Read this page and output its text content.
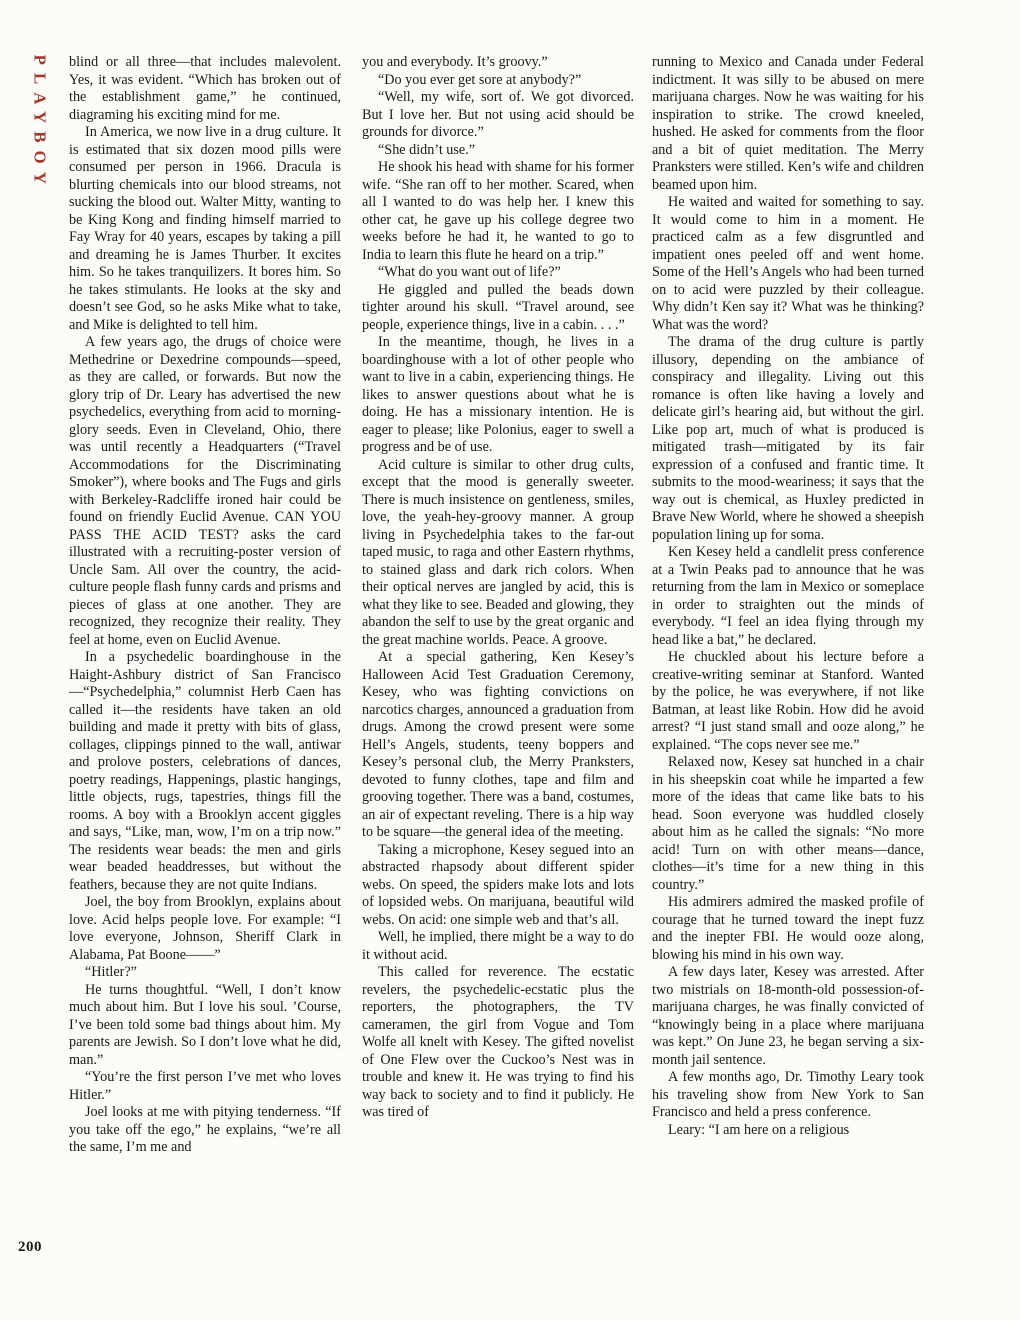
PLAYBOY blind or all three—that includes malevolent. Yes, it was evident. “Which has broken out of the establishment game,” he continued, diagraming his exciting mind for me.

In America, we now live in a drug culture. It is estimated that six dozen mood pills were consumed per person in 1966. Dracula is blurting chemicals into our blood streams, not sucking the blood out. Walter Mitty, wanting to be King Kong and finding himself married to Fay Wray for 40 years, escapes by taking a pill and dreaming he is James Thurber. It excites him. So he takes tranquilizers. It bores him. So he takes stimulants. He looks at the sky and doesn’t see God, so he asks Mike what to take, and Mike is delighted to tell him.

A few years ago, the drugs of choice were Methedrine or Dexedrine compounds—speed, as they are called, or forwards. But now the glory trip of Dr. Leary has advertised the new psychedelics, everything from acid to morning-glory seeds. Even in Cleveland, Ohio, there was until recently a Headquarters (“Travel Accommodations for the Discriminating Smoker”), where books and The Fugs and girls with Berkeley-Radcliffe ironed hair could be found on friendly Euclid Avenue. CAN YOU PASS THE ACID TEST? asks the card illustrated with a recruiting-poster version of Uncle Sam. All over the country, the acid-culture people flash funny cards and prisms and pieces of glass at one another. They are recognized, they recognize their reality. They feel at home, even on Euclid Avenue.

In a psychedelic boardinghouse in the Haight-Ashbury district of San Francisco—“Psychedelphia,” columnist Herb Caen has called it—the residents have taken an old building and made it pretty with bits of glass, collages, clippings pinned to the wall, antiwar and prolove posters, celebrations of dances, poetry readings, Happenings, plastic hangings, little objects, rugs, tapestries, things fill the rooms. A boy with a Brooklyn accent giggles and says, “Like, man, wow, I’m on a trip now.” The residents wear beads: the men and girls wear beaded headdresses, but without the feathers, because they are not quite Indians.

Joel, the boy from Brooklyn, explains about love. Acid helps people love. For example: “I love everyone, Johnson, Sheriff Clark in Alabama, Pat Boone——”

“Hitler?”

He turns thoughtful. “Well, I don’t know much about him. But I love his soul. ’Course, I’ve been told some bad things about him. My parents are Jewish. So I don’t love what he did, man.”

“You’re the first person I’ve met who loves Hitler.”

Joel looks at me with pitying tenderness. “If you take off the ego,” he explains, “we’re all the same, I’m me and

you and everybody. It’s groovy.”

“Do you ever get sore at anybody?”

“Well, my wife, sort of. We got divorced. But I love her. But not using acid should be grounds for divorce.”

“She didn’t use.”

He shook his head with shame for his former wife. “She ran off to her mother. Scared, when all I wanted to do was help her. I knew this other cat, he gave up his college degree two weeks before he had it, he wanted to go to India to learn this flute he heard on a trip.”

“What do you want out of life?”

He giggled and pulled the beads down tighter around his skull. “Travel around, see people, experience things, live in a cabin. . . .”

In the meantime, though, he lives in a boardinghouse with a lot of other people who want to live in a cabin, experiencing things. He likes to answer questions about what he is doing. He has a missionary intention. He is eager to please; like Polonius, eager to swell a progress and be of use.

Acid culture is similar to other drug cults, except that the mood is generally sweeter. There is much insistence on gentleness, smiles, love, the yeah-hey-groovy manner. A group living in Psychedelphia takes to the far-out taped music, to raga and other Eastern rhythms, to stained glass and dark rich colors. When their optical nerves are jangled by acid, this is what they like to see. Beaded and glowing, they abandon the self to use by the great organic and the great machine worlds. Peace. A groove.

At a special gathering, Ken Kesey’s Halloween Acid Test Graduation Ceremony, Kesey, who was fighting convictions on narcotics charges, announced a graduation from drugs. Among the crowd present were some Hell’s Angels, students, teeny boppers and Kesey’s personal club, the Merry Pranksters, devoted to funny clothes, tape and film and grooving together. There was a band, costumes, an air of expectant reveling. There is a hip way to be square—the general idea of the meeting.

Taking a microphone, Kesey segued into an abstracted rhapsody about different spider webs. On speed, the spiders make lots and lots of lopsided webs. On marijuana, beautiful wild webs. On acid: one simple web and that’s all.

Well, he implied, there might be a way to do it without acid.

This called for reverence. The ecstatic revelers, the psychedelic-ecstatic plus the reporters, the photographers, the TV cameramen, the girl from Vogue and Tom Wolfe all knelt with Kesey. The gifted novelist of One Flew over the Cuckoo’s Nest was in trouble and knew it. He was trying to find his way back to society and to find it publicly. He was tired of

running to Mexico and Canada under Federal indictment. It was silly to be abused on mere marijuana charges. Now he was waiting for his inspiration to strike. The crowd kneeled, hushed. He asked for comments from the floor and a bit of quiet meditation. The Merry Pranksters were stilled. Ken’s wife and children beamed upon him.

He waited and waited for something to say. It would come to him in a moment. He practiced calm as a few disgruntled and impatient ones peeled off and went home. Some of the Hell’s Angels who had been turned on to acid were puzzled by their colleague. Why didn’t Ken say it? What was he thinking? What was the word?

The drama of the drug culture is partly illusory, depending on the ambiance of conspiracy and illegality. Living out this romance is often like having a lovely and delicate girl’s hearing aid, but without the girl. Like pop art, much of what is produced is mitigated trash—mitigated by its fair expression of a confused and frantic time. It submits to the mood-weariness; it says that the way out is chemical, as Huxley predicted in Brave New World, where he showed a sheepish population lining up for soma.

Ken Kesey held a candlelit press conference at a Twin Peaks pad to announce that he was returning from the lam in Mexico or someplace in order to straighten out the minds of everybody. “I feel an idea flying through my head like a bat,” he declared.

He chuckled about his lecture before a creative-writing seminar at Stanford. Wanted by the police, he was everywhere, if not like Batman, at least like Robin. How did he avoid arrest? “I just stand small and ooze along,” he explained. “The cops never see me.”

Relaxed now, Kesey sat hunched in a chair in his sheepskin coat while he imparted a few more of the ideas that came like bats to his head. Soon everyone was huddled closely about him as he called the signals: “No more acid! Turn on with other means—dance, clothes—it’s time for a new thing in this country.”

His admirers admired the masked profile of courage that he turned toward the inept fuzz and the inepter FBI. He would ooze along, blowing his mind in his own way.

A few days later, Kesey was arrested. After two mistrials on 18-month-old possession-of-marijuana charges, he was finally convicted of “knowingly being in a place where marijuana was kept.” On June 23, he began serving a six-month jail sentence.

A few months ago, Dr. Timothy Leary took his traveling show from New York to San Francisco and held a press conference.

Leary: “I am here on a religious

200
